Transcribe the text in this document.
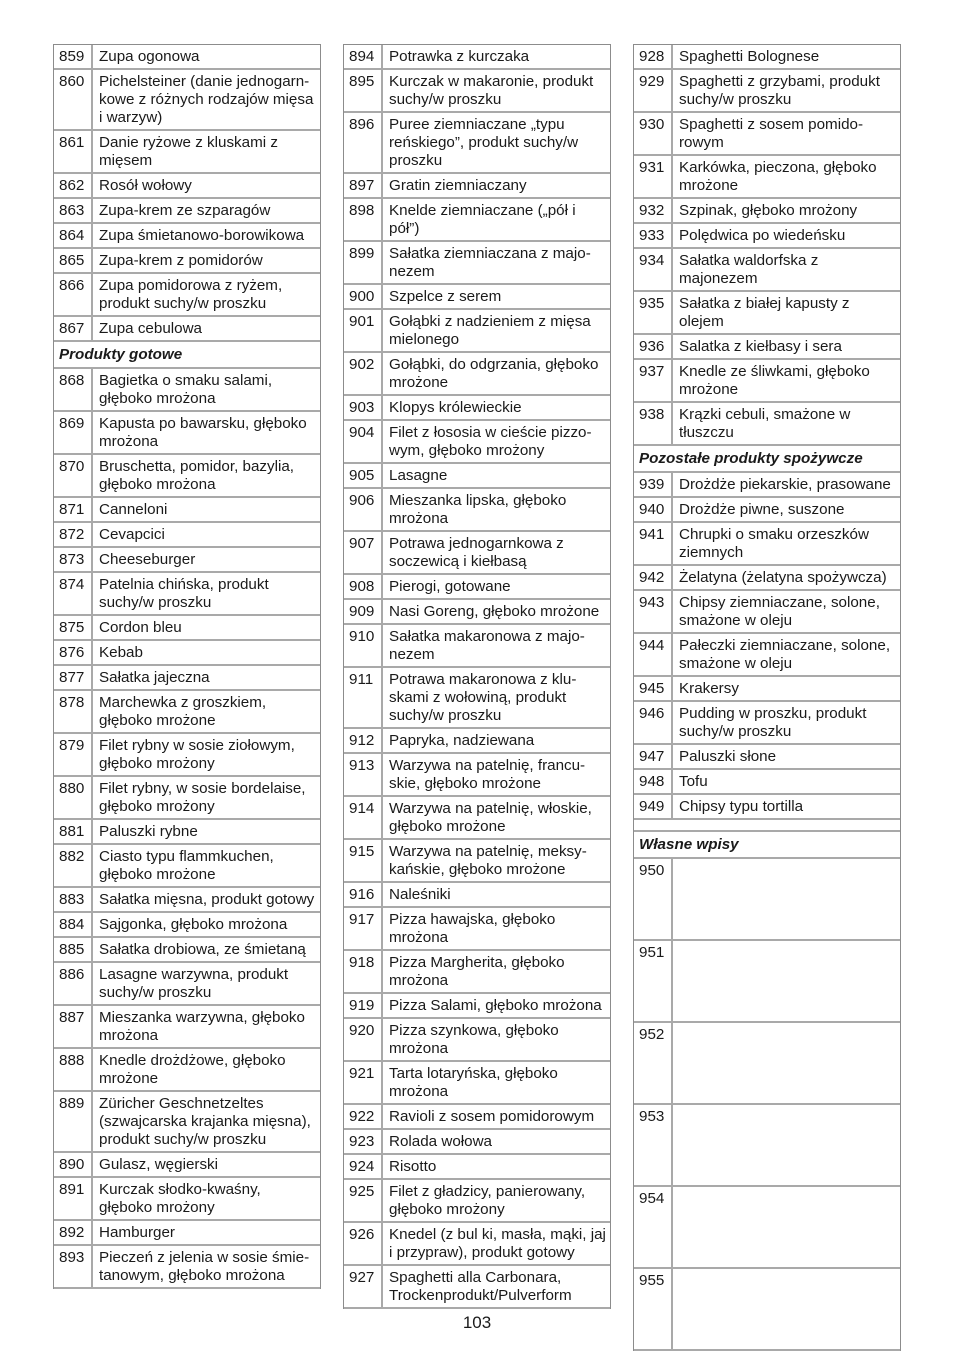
859	Zupa ogonowa
860	Pichelsteiner (danie jednogarn-kowe z różnych rodzajów mięsa i warzyw)
861	Danie ryżowe z kluskami z mięsem
862	Rosół wołowy
863	Zupa-krem ze szparagów
864	Zupa śmietanowo-borowikowa
865	Zupa-krem z pomidorów
866	Zupa pomidorowa z ryżem, produkt suchy/w proszku
867	Zupa cebulowa
Produkty gotowe	
868	Bagietka o smaku salami, głęboko mrożona
869	Kapusta po bawarsku, głęboko mrożona
870	Bruschetta, pomidor, bazylia, głęboko mrożona
871	Canneloni
872	Cevapcici
873	Cheeseburger
874	Patelnia chińska, produkt suchy/w proszku
875	Cordon bleu
876	Kebab
877	Sałatka jajeczna
878	Marchewka z groszkiem, głęboko mrożone
879	Filet rybny w sosie ziołowym, głęboko mrożony
880	Filet rybny, w sosie bordelaise, głęboko mrożony
881	Paluszki rybne
882	Ciasto typu flammkuchen, głęboko mrożone
883	Sałatka mięsna, produkt gotowy
884	Sajgonka, głęboko mrożona
885	Sałatka drobiowa, ze śmietaną
886	Lasagne warzywna, produkt suchy/w proszku
887	Mieszanka warzywna, głęboko mrożona
888	Knedle drożdżowe, głęboko mrożone
889	Züricher Geschnetzeltes (szwajcarska krajanka mięsna), produkt suchy/w proszku
890	Gulasz, węgierski
891	Kurczak słodko-kwaśny, głęboko mrożony
892	Hamburger
893	Pieczeń z jelenia w sosie śmie-tanowym, głęboko mrożona
894	Potrawka z kurczaka
895	Kurczak w makaronie, produkt suchy/w proszku
896	Puree ziemniaczane „typu reńskiego”, produkt suchy/w proszku
897	Gratin ziemniaczany
898	Knelde ziemniaczane („pół i pół”)
899	Sałatka ziemniaczana z majo-nezem
900	Szpelce z serem
901	Gołąbki z nadzieniem z mięsa mielonego
902	Gołąbki, do odgrzania, głęboko mrożone
903	Klopys królewieckie
904	Filet z łososia w cieście pizzo-wym, głęboko mrożony
905	Lasagne
906	Mieszanka lipska, głęboko mrożona
907	Potrawa jednogarnkowa z soczewicą i kiełbasą
908	Pierogi, gotowane
909	Nasi Goreng, głęboko mrożone
910	Sałatka makaronowa z majo-nezem
911	Potrawa makaronowa z klu-skami z wołowiną, produkt suchy/w proszku
912	Papryka, nadziewana
913	Warzywa na patelnię, francu-skie, głęboko mrożone
914	Warzywa na patelnię, włoskie, głęboko mrożone
915	Warzywa na patelnię, meksy-kańskie, głęboko mrożone
916	Naleśniki
917	Pizza hawajska, głęboko mrożona
918	Pizza Margherita, głęboko mrożona
919	Pizza Salami, głęboko mrożona
920	Pizza szynkowa, głęboko mrożona
921	Tarta lotaryńska, głęboko mrożona
922	Ravioli z sosem pomidorowym
923	Rolada wołowa
924	Risotto
925	Filet z gładzicy, panierowany, głęboko mrożony
926	Knedel (z bul ki, masła, mąki, jaj i przypraw), produkt gotowy
927	Spaghetti alla Carbonara, Trockenprodukt/Pulverform
928	Spaghetti Bolognese
929	Spaghetti z grzybami, produkt suchy/w proszku
930	Spaghetti z sosem pomido-rowym
931	Karkówka, pieczona, głęboko mrożone
932	Szpinak, głęboko mrożony
933	Polędwica po wiedeńsku
934	Sałatka waldorfska z majonezem
935	Sałatka z białej kapusty z olejem
936	Salatka z kiełbasy i sera
937	Knedle ze śliwkami, głęboko mrożone
938	Krązki cebuli, smażone w tłuszczu
Pozostałe produkty spożywcze	
939	Drożdże piekarskie, prasowane
940	Drożdże piwne, suszone
941	Chrupki o smaku orzeszków ziemnych
942	Żelatyna (żelatyna spożywcza)
943	Chipsy ziemniaczane, solone, smażone w oleju
944	Pałeczki ziemniaczane, solone, smażone w oleju
945	Krakersy
946	Pudding w proszku, produkt suchy/w proszku
947	Paluszki słone
948	Tofu
949	Chipsy typu tortilla

Własne wpisy	
950	
951	
952	
953	
954	
955	
103
